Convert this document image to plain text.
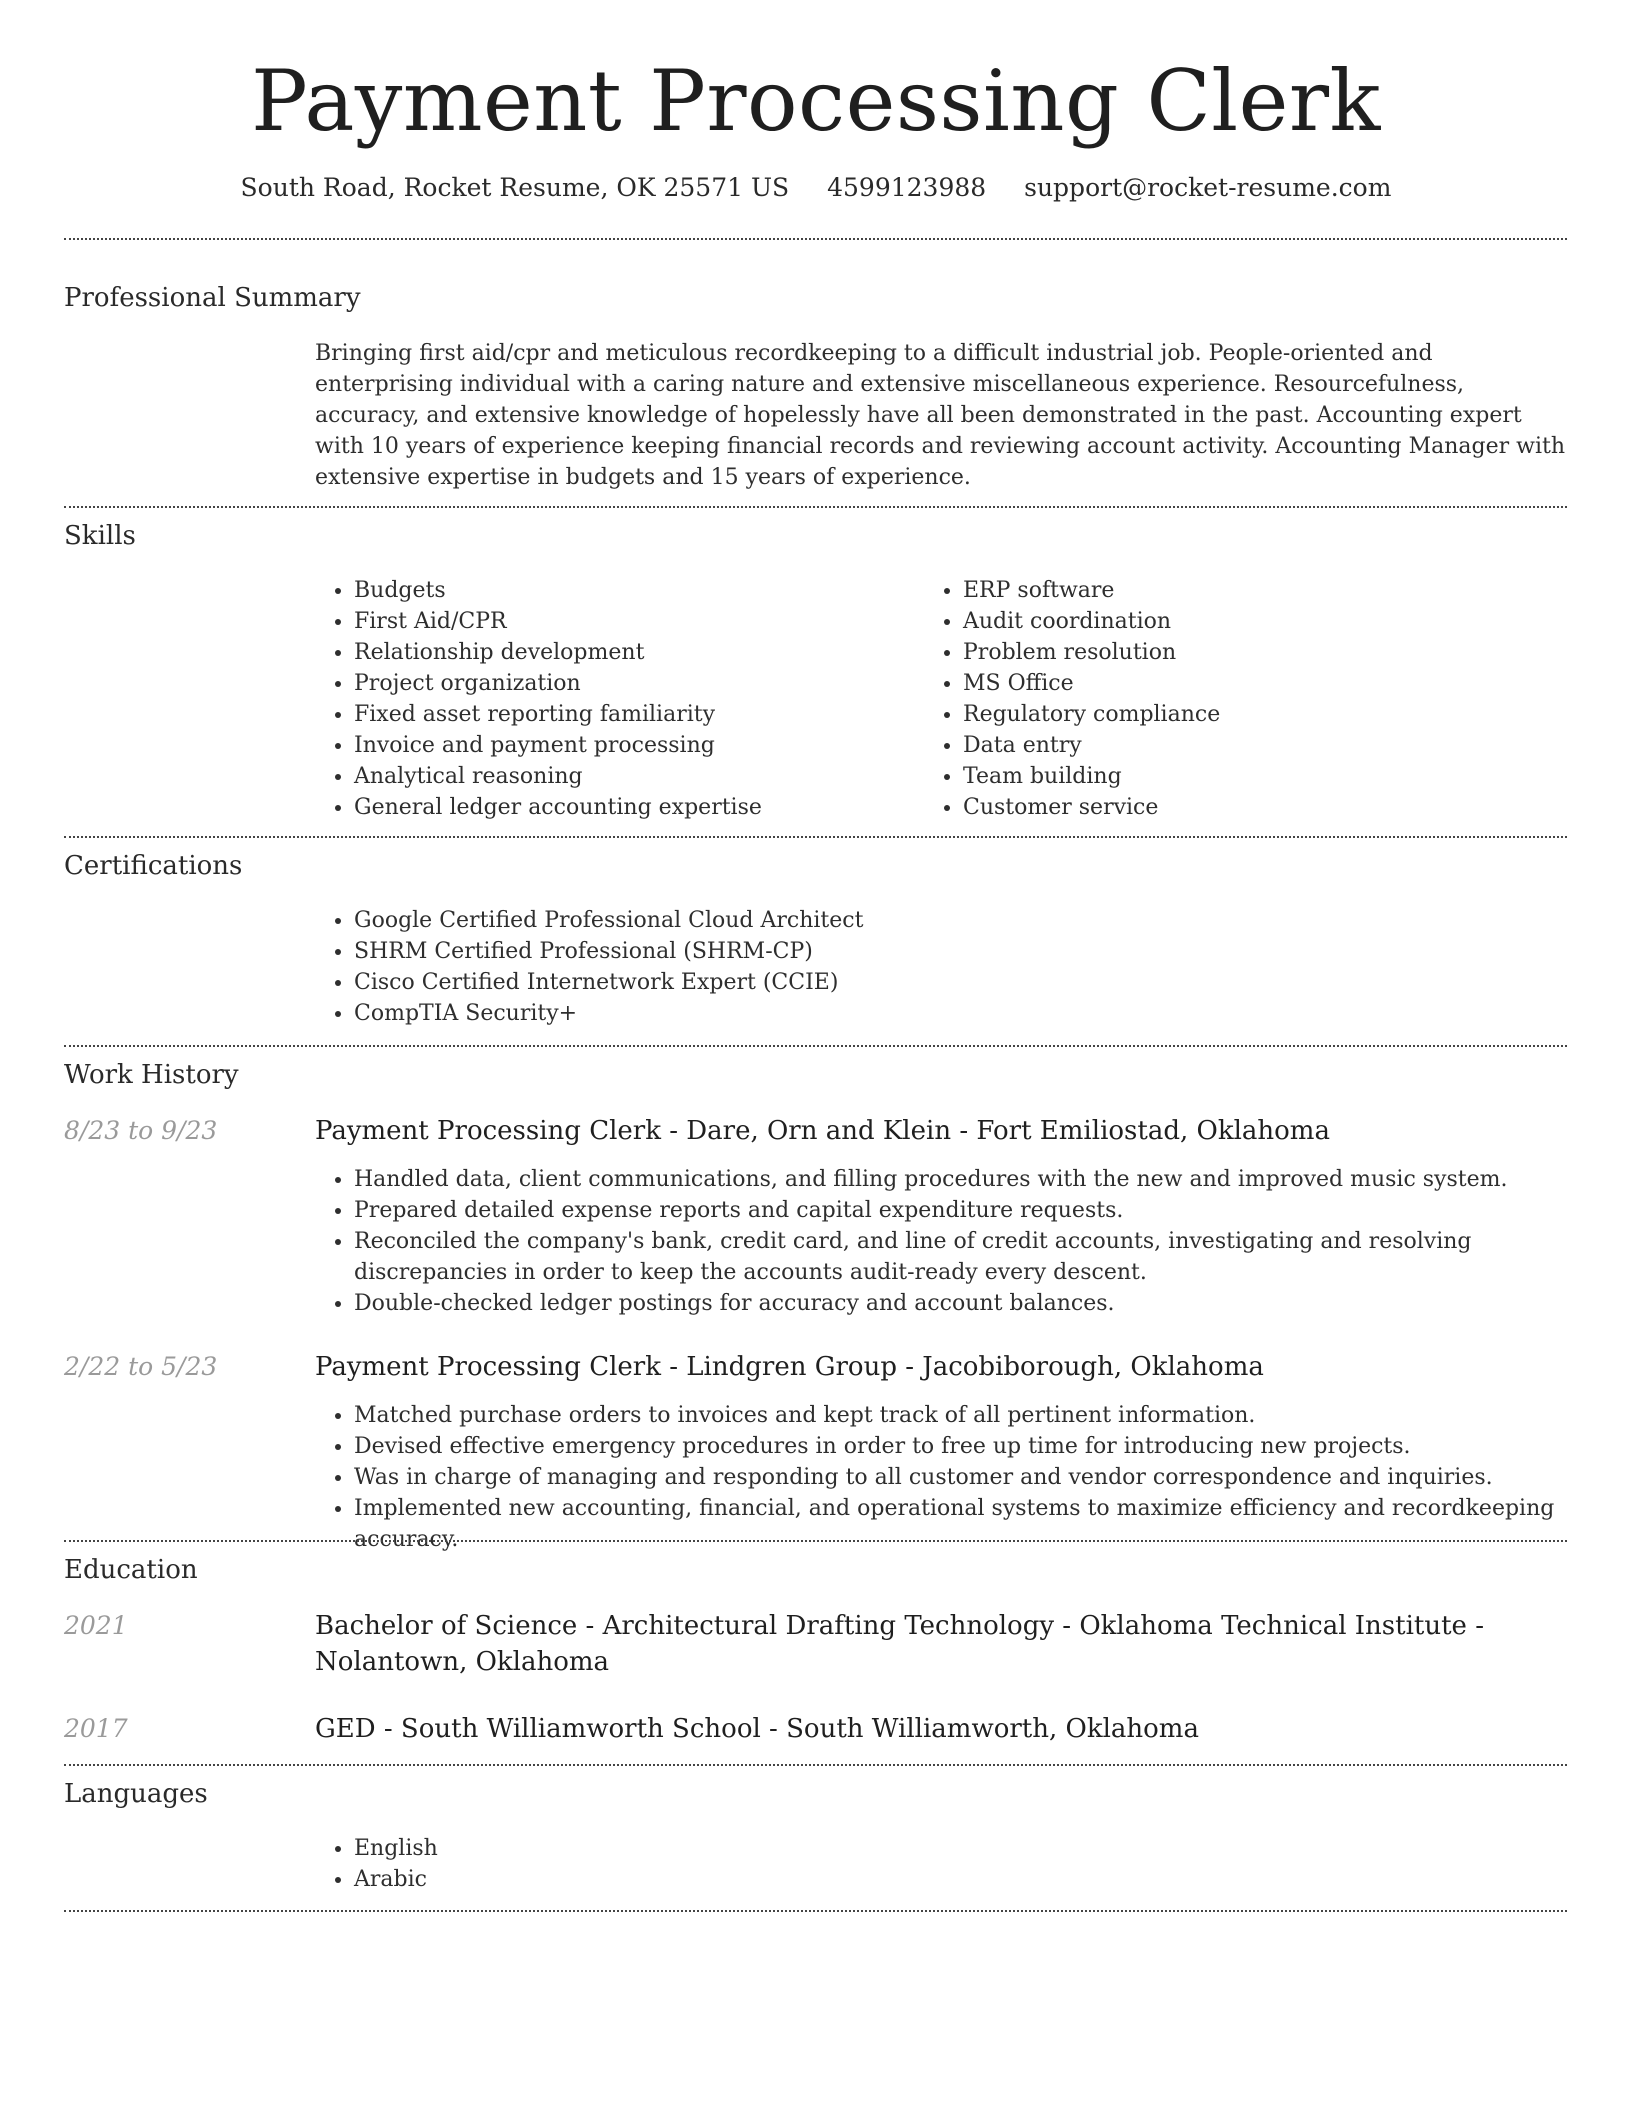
Payment Processing Clerk
South Road, Rocket Resume, OK 25571 US 4599123988 support@rocket-resume.com
Professional Summary
Bringing first aid/cpr and meticulous recordkeeping to a difficult industrial job. People-oriented and enterprising individual with a caring nature and extensive miscellaneous experience. Resourcefulness, accuracy, and extensive knowledge of hopelessly have all been demonstrated in the past. Accounting expert with 10 years of experience keeping financial records and reviewing account activity. Accounting Manager with extensive expertise in budgets and 15 years of experience.
Skills
• Budgets
• First Aid/CPR
• Relationship development
• Project organization
• Fixed asset reporting familiarity
• Invoice and payment processing
• Analytical reasoning
• General ledger accounting expertise
• ERP software
• Audit coordination
• Problem resolution
• MS Office
• Regulatory compliance
• Data entry
• Team building
• Customer service
Certifications
• Google Certified Professional Cloud Architect
• SHRM Certified Professional (SHRM-CP)
• Cisco Certified Internetwork Expert (CCIE)
• CompTIA Security+
Work History
8/23 to 9/23	Payment Processing Clerk - Dare, Orn and Klein - Fort Emiliostad, Oklahoma
• Handled data, client communications, and filling procedures with the new and improved music system.
• Prepared detailed expense reports and capital expenditure requests.
• Reconciled the company's bank, credit card, and line of credit accounts, investigating and resolving discrepancies in order to keep the accounts audit-ready every descent.
• Double-checked ledger postings for accuracy and account balances.
2/22 to 5/23	Payment Processing Clerk - Lindgren Group - Jacobiborough, Oklahoma
• Matched purchase orders to invoices and kept track of all pertinent information.
• Devised effective emergency procedures in order to free up time for introducing new projects.
• Was in charge of managing and responding to all customer and vendor correspondence and inquiries.
• Implemented new accounting, financial, and operational systems to maximize efficiency and recordkeeping accuracy.
Education
2021	Bachelor of Science - Architectural Drafting Technology - Oklahoma Technical Institute - Nolantown, Oklahoma
2017	GED - South Williamworth School - South Williamworth, Oklahoma
Languages
• English
• Arabic
